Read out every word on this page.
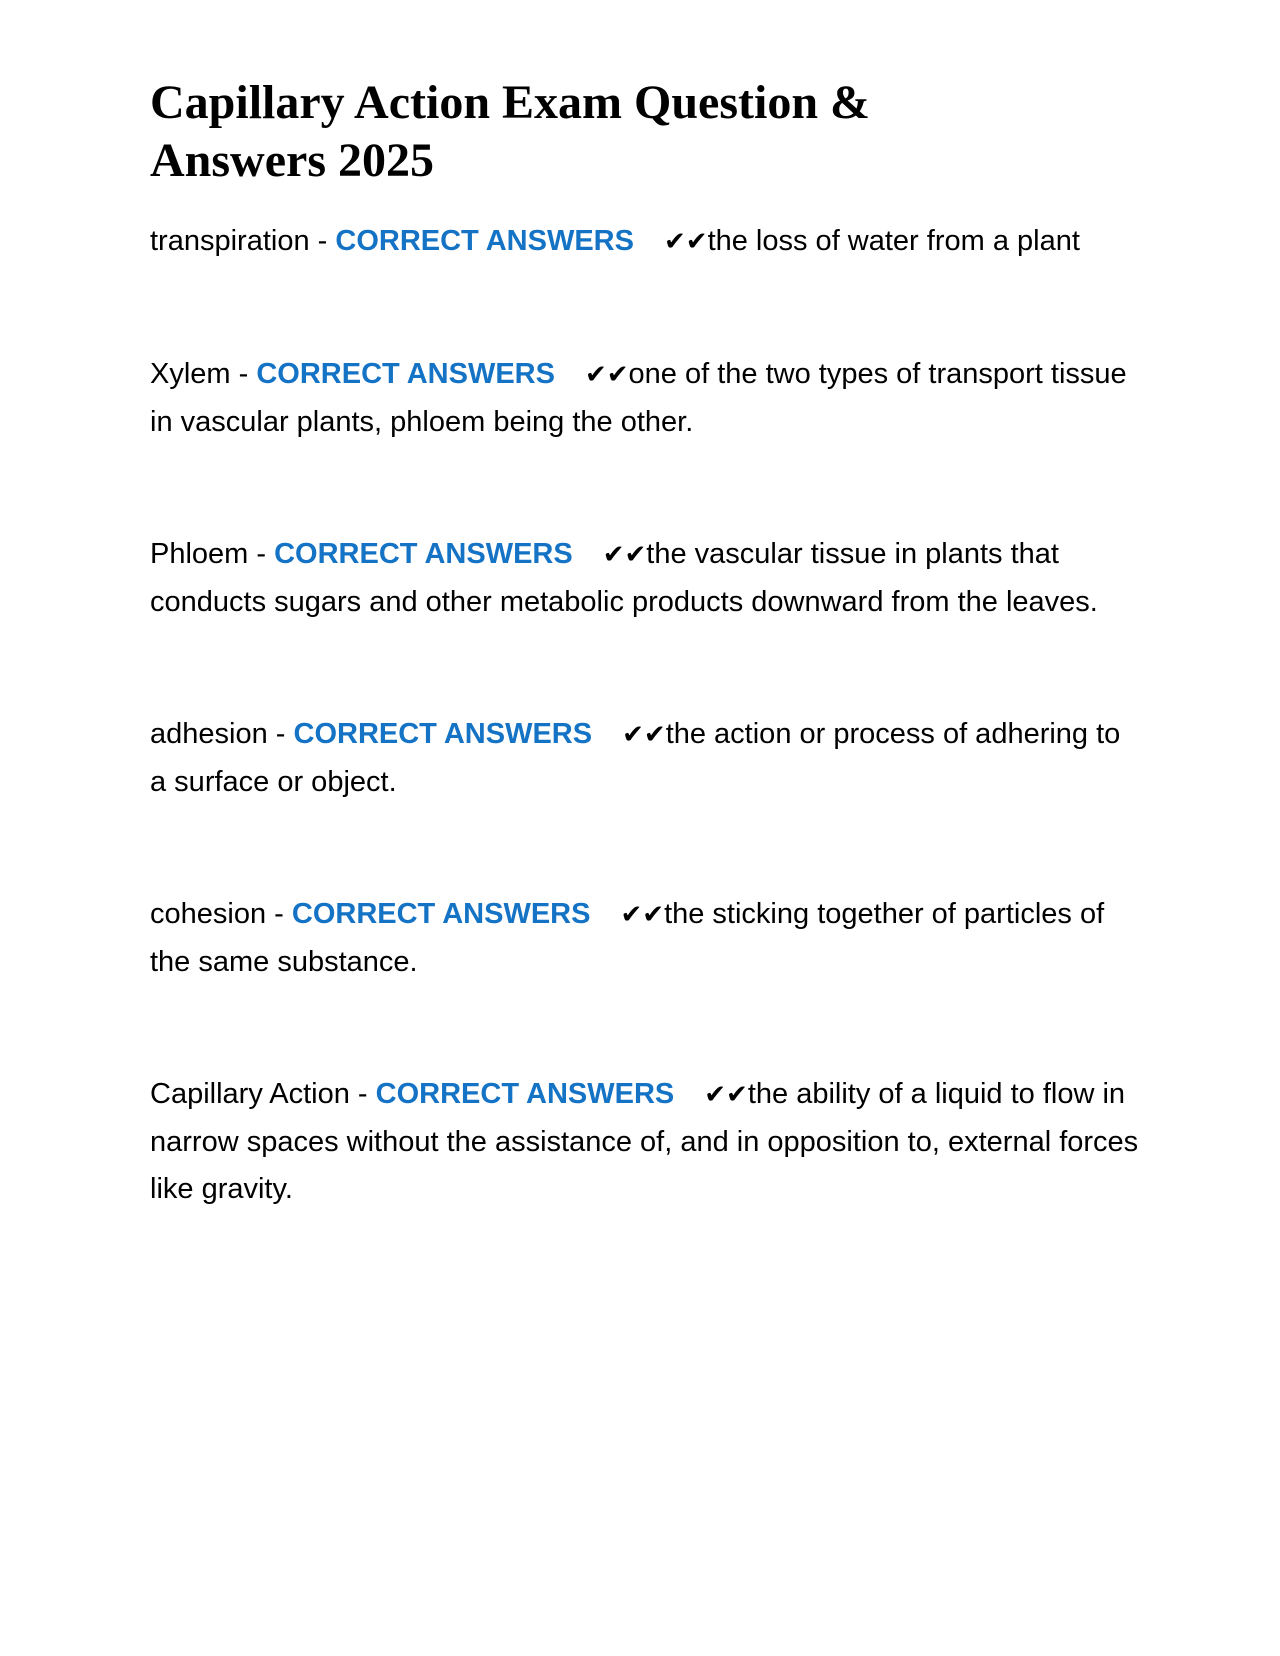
Capillary Action Exam Question & Answers 2025

transpiration - CORRECT ANSWERS ✔✔the loss of water from a plant

Xylem - CORRECT ANSWERS ✔✔one of the two types of transport tissue in vascular plants, phloem being the other.

Phloem - CORRECT ANSWERS ✔✔the vascular tissue in plants that conducts sugars and other metabolic products downward from the leaves.

adhesion - CORRECT ANSWERS ✔✔the action or process of adhering to a surface or object.

cohesion - CORRECT ANSWERS ✔✔the sticking together of particles of the same substance.

Capillary Action - CORRECT ANSWERS ✔✔the ability of a liquid to flow in narrow spaces without the assistance of, and in opposition to, external forces like gravity.
